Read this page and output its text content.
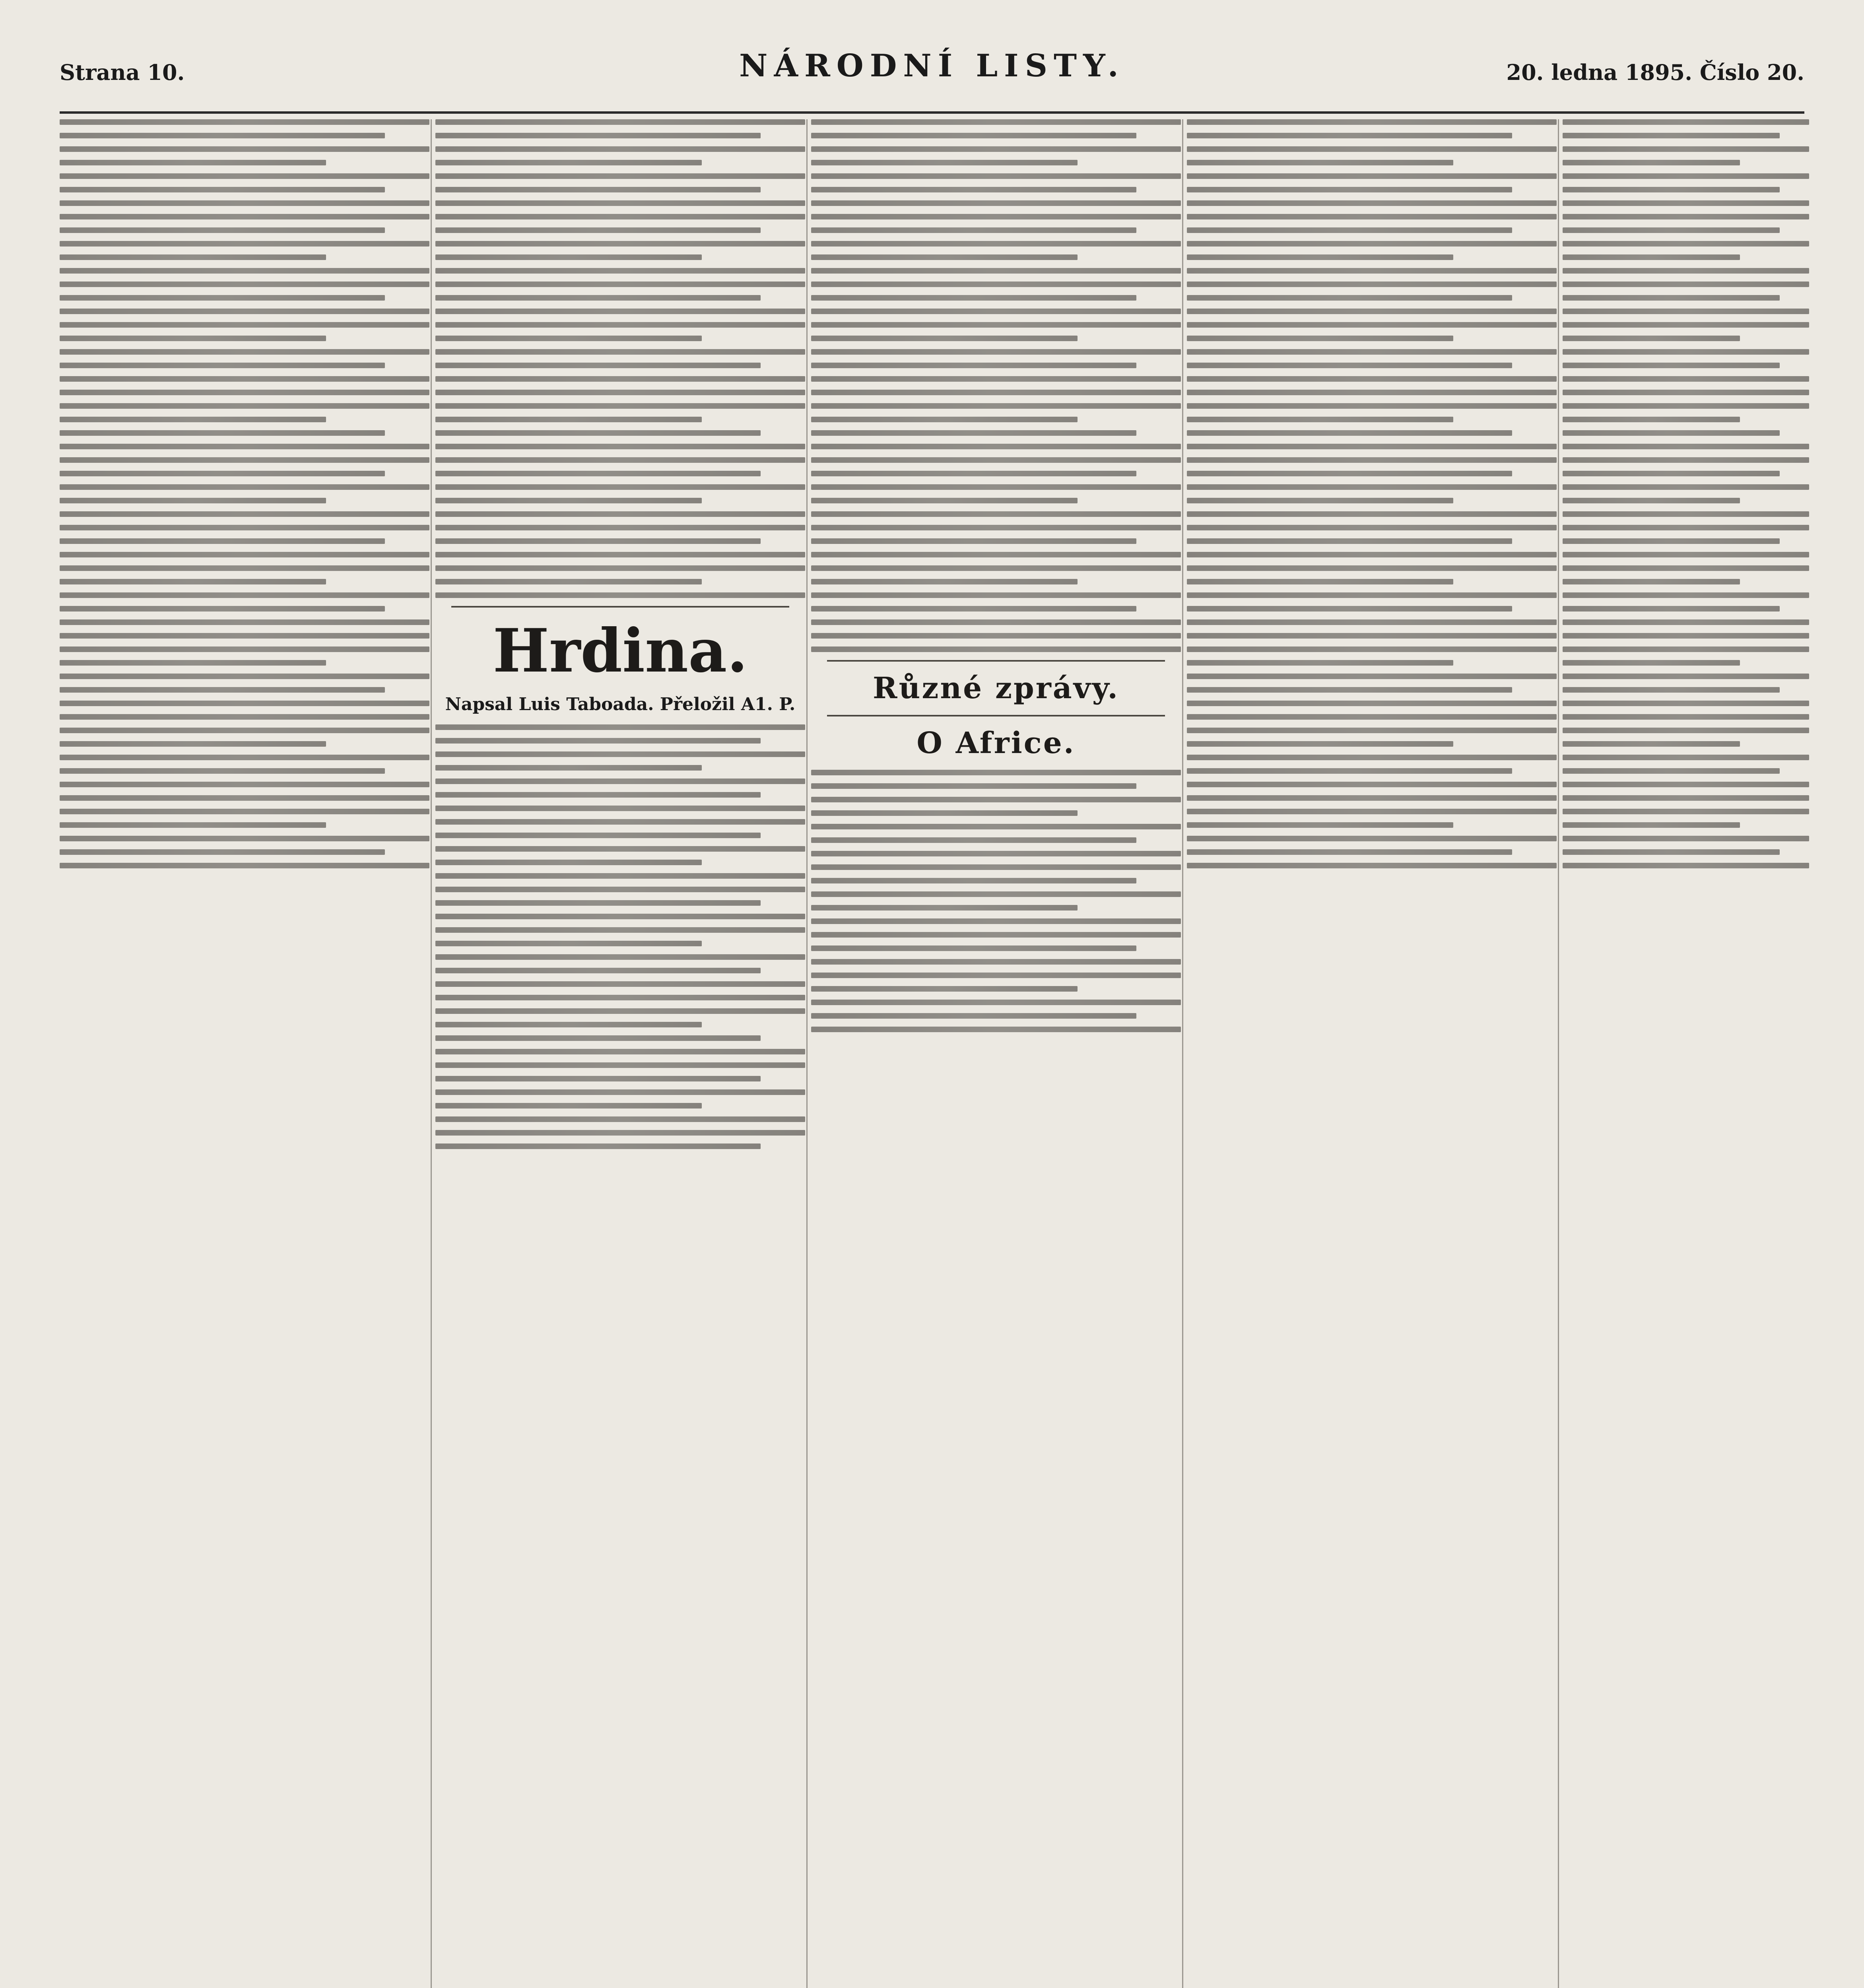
Strana 10.	NÁRODNÍ LISTY.	20. ledna 1895. Číslo 20.
Hrdina.
Napsal Luis Taboada. Přeložil A1. P.	Různé zprávy.
O Africe.
